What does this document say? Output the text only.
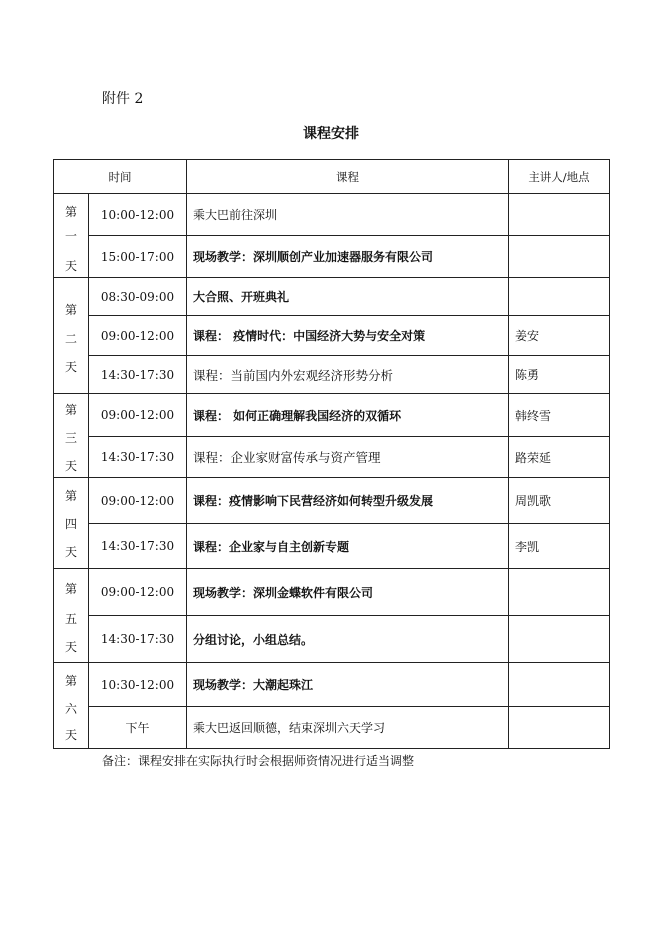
附件 2
课程安排
时间		课程	主讲人/地点

第
一
天	10:00-12:00	乘大巴前往深圳	
	15:00-17:00	现场教学：深圳顺创产业加速器服务有限公司	

第
二
天	08:30-09:00	大合照、开班典礼	
	09:00-12:00	课程： 疫情时代：中国经济大势与安全对策	姜安
	14:30-17:30	课程：当前国内外宏观经济形势分析	陈勇

第
三
天	09:00-12:00	课程： 如何正确理解我国经济的双循环	韩终雪
	14:30-17:30	课程：企业家财富传承与资产管理	路荣延

第
四
天	09:00-12:00	课程：疫情影响下民营经济如何转型升级发展	周凯歌
	14:30-17:30	课程：企业家与自主创新专题	李凯

第
五
天	09:00-12:00	现场教学：深圳金蝶软件有限公司	
	14:30-17:30	分组讨论，小组总结。	

第
六
天	10:30-12:00	现场教学：大潮起珠江	
	下午	乘大巴返回顺德，结束深圳六天学习	
备注：课程安排在实际执行时会根据师资情况进行适当调整
